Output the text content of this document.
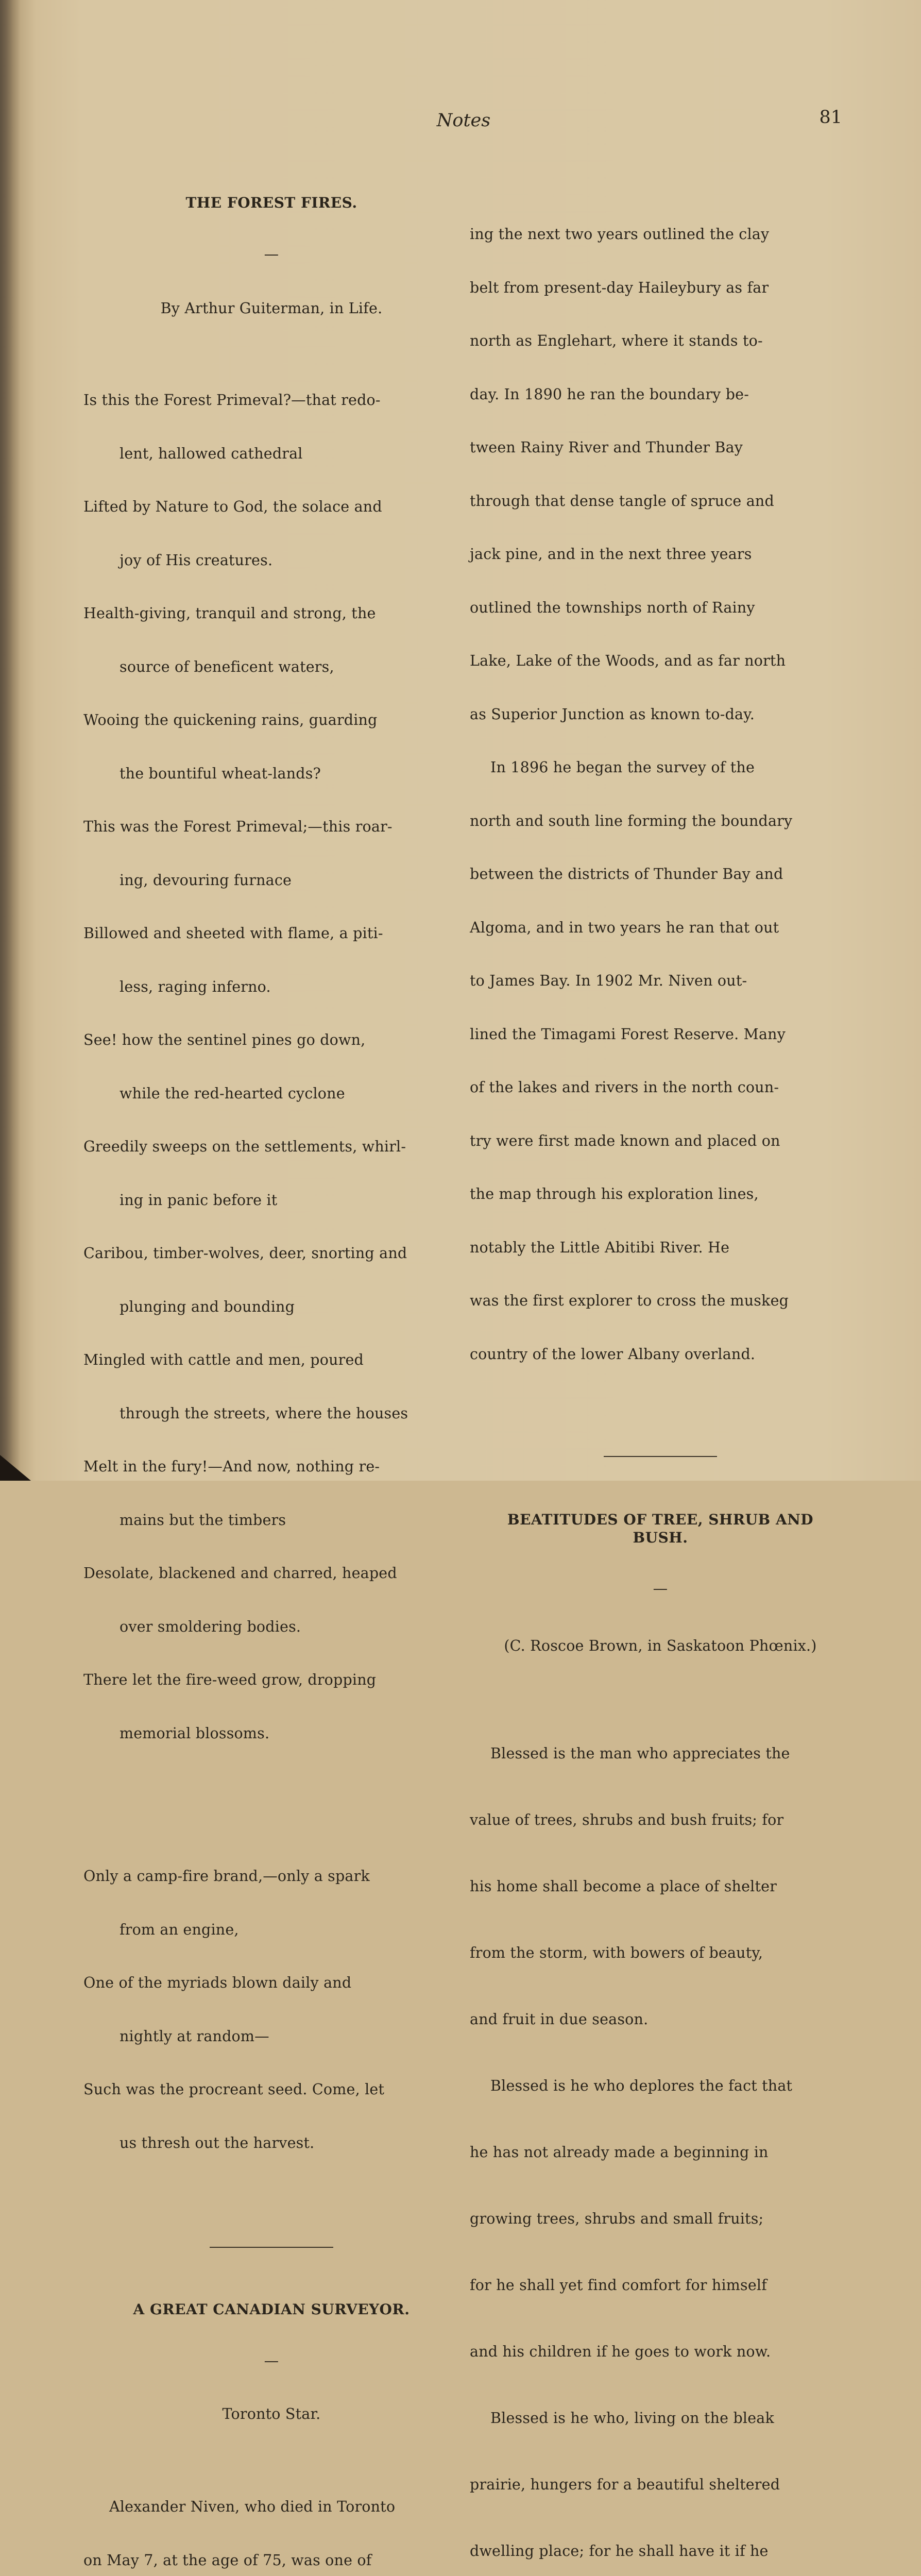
Notes	81

THE FOREST FIRES.

—

By Arthur Guiterman, in Life.

Is this the Forest Primeval?—that redo-

lent, hallowed cathedral

Lifted by Nature to God, the solace and

joy of His creatures.

Health-giving, tranquil and strong, the

source of beneficent waters,

Wooing the quickening rains, guarding

the bountiful wheat-lands?

This was the Forest Primeval;—this roar-

ing, devouring furnace

Billowed and sheeted with flame, a piti-

less, raging inferno.

See! how the sentinel pines go down,

while the red-hearted cyclone

Greedily sweeps on the settlements, whirl-

ing in panic before it

Caribou, timber-wolves, deer, snorting and

plunging and bounding

Mingled with cattle and men, poured

through the streets, where the houses

Melt in the fury!—And now, nothing re-

mains but the timbers

Desolate, blackened and charred, heaped

over smoldering bodies.

There let the fire-weed grow, dropping

memorial blossoms.

Only a camp-fire brand,—only a spark

from an engine,

One of the myriads blown daily and

nightly at random—

Such was the procreant seed. Come, let

us thresh out the harvest.

A GREAT CANADIAN SURVEYOR.

—

Toronto Star.

Alexander Niven, who died in Toronto

on May 7, at the age of 75, was one of

ing the next two years outlined the clay

belt from present-day Haileybury as far

north as Englehart, where it stands to-

day. In 1890 he ran the boundary be-

tween Rainy River and Thunder Bay

through that dense tangle of spruce and

jack pine, and in the next three years

outlined the townships north of Rainy

Lake, Lake of the Woods, and as far north

as Superior Junction as known to-day.

In 1896 he began the survey of the

north and south line forming the boundary

between the districts of Thunder Bay and

Algoma, and in two years he ran that out

to James Bay. In 1902 Mr. Niven out-

lined the Timagami Forest Reserve. Many

of the lakes and rivers in the north coun-

try were first made known and placed on

the map through his exploration lines,

notably the Little Abitibi River. He

was the first explorer to cross the muskeg

country of the lower Albany overland.

BEATITUDES OF TREE, SHRUB AND
BUSH.

—

(C. Roscoe Brown, in Saskatoon Phœnix.)

Blessed is the man who appreciates the

value of trees, shrubs and bush fruits; for

his home shall become a place of shelter

from the storm, with bowers of beauty,

and fruit in due season.

Blessed is he who deplores the fact that

he has not already made a beginning in

growing trees, shrubs and small fruits;

for he shall yet find comfort for himself

and his children if he goes to work now.

Blessed is he who, living on the bleak

prairie, hungers for a beautiful sheltered

dwelling place; for he shall have it if he
